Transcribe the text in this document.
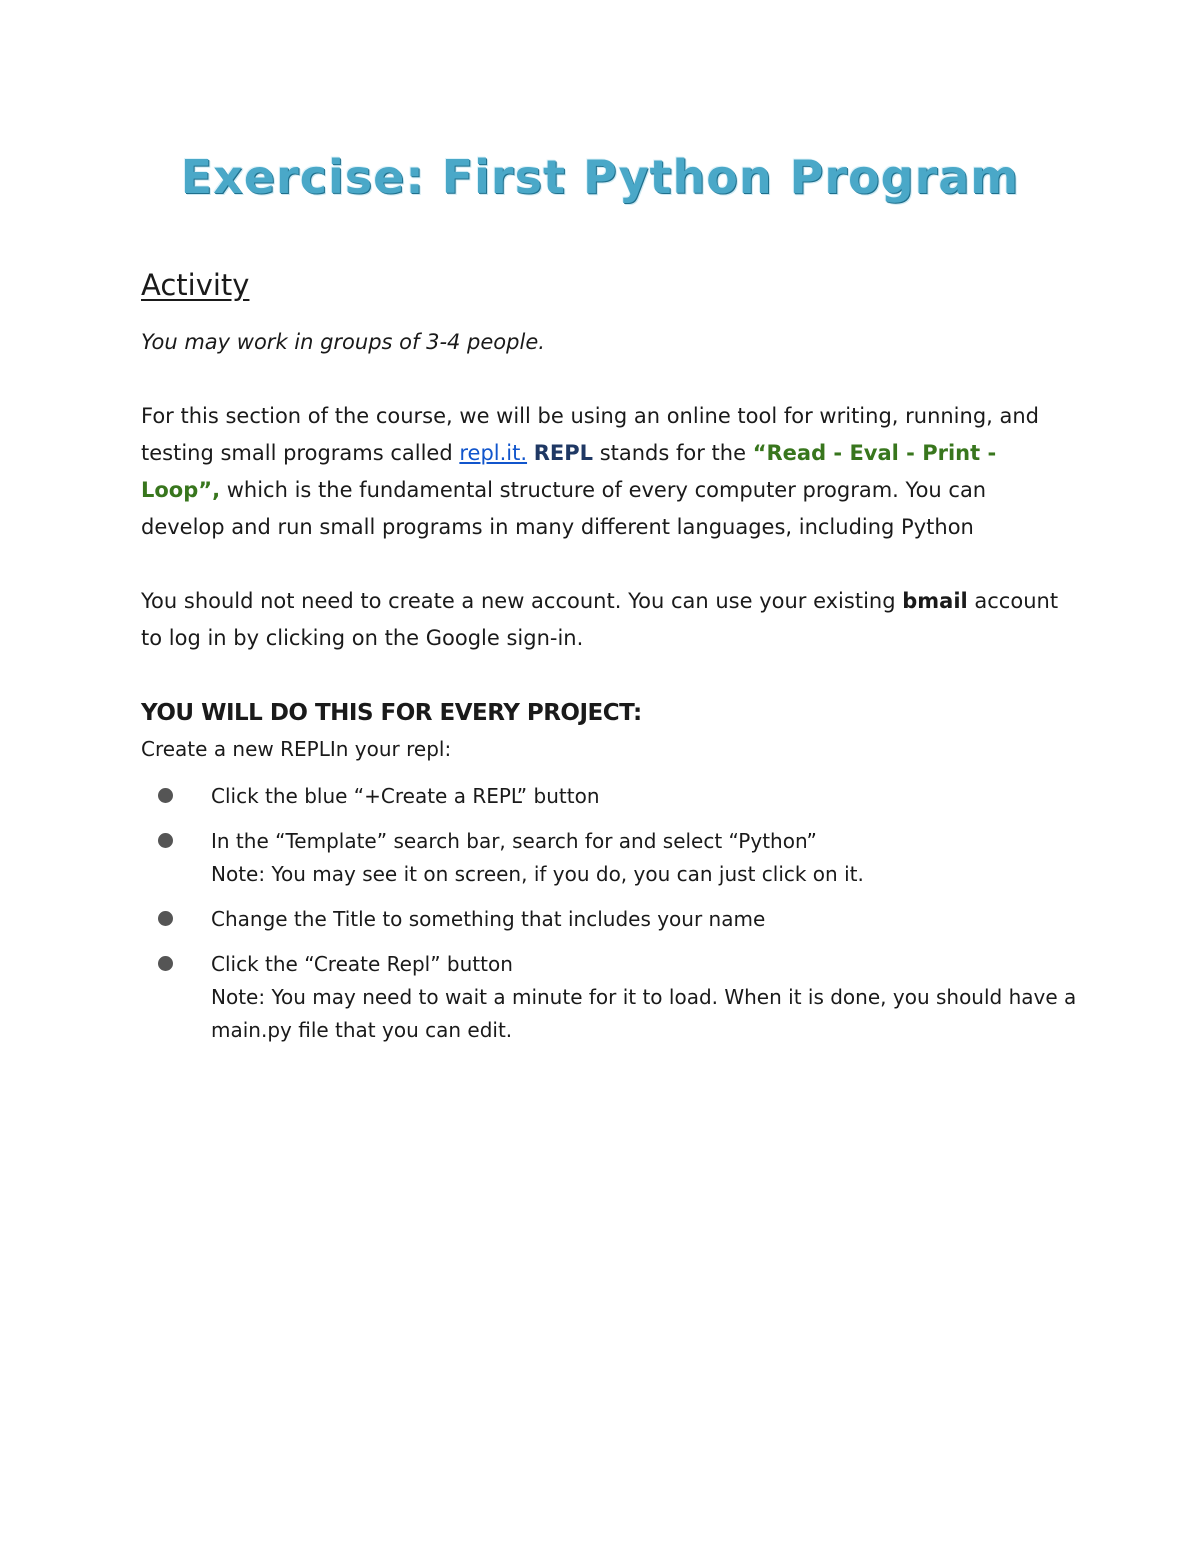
Exercise: First Python Program
Activity
You may work in groups of 3-4 people.
For this section of the course, we will be using an online tool for writing, running, and testing small programs called repl.it. REPL stands for the “Read - Eval - Print - Loop”, which is the fundamental structure of every computer program. You can develop and run small programs in many different languages, including Python
You should not need to create a new account. You can use your existing bmail account to log in by clicking on the Google sign-in.
YOU WILL DO THIS FOR EVERY PROJECT:
Create a new REPLIn your repl:
Click the blue “+Create a REPL” button
In the “Template” search bar, search for and select “Python”
Note: You may see it on screen, if you do, you can just click on it.
Change the Title to something that includes your name
Click the “Create Repl” button
Note: You may need to wait a minute for it to load. When it is done, you should have a main.py file that you can edit.
